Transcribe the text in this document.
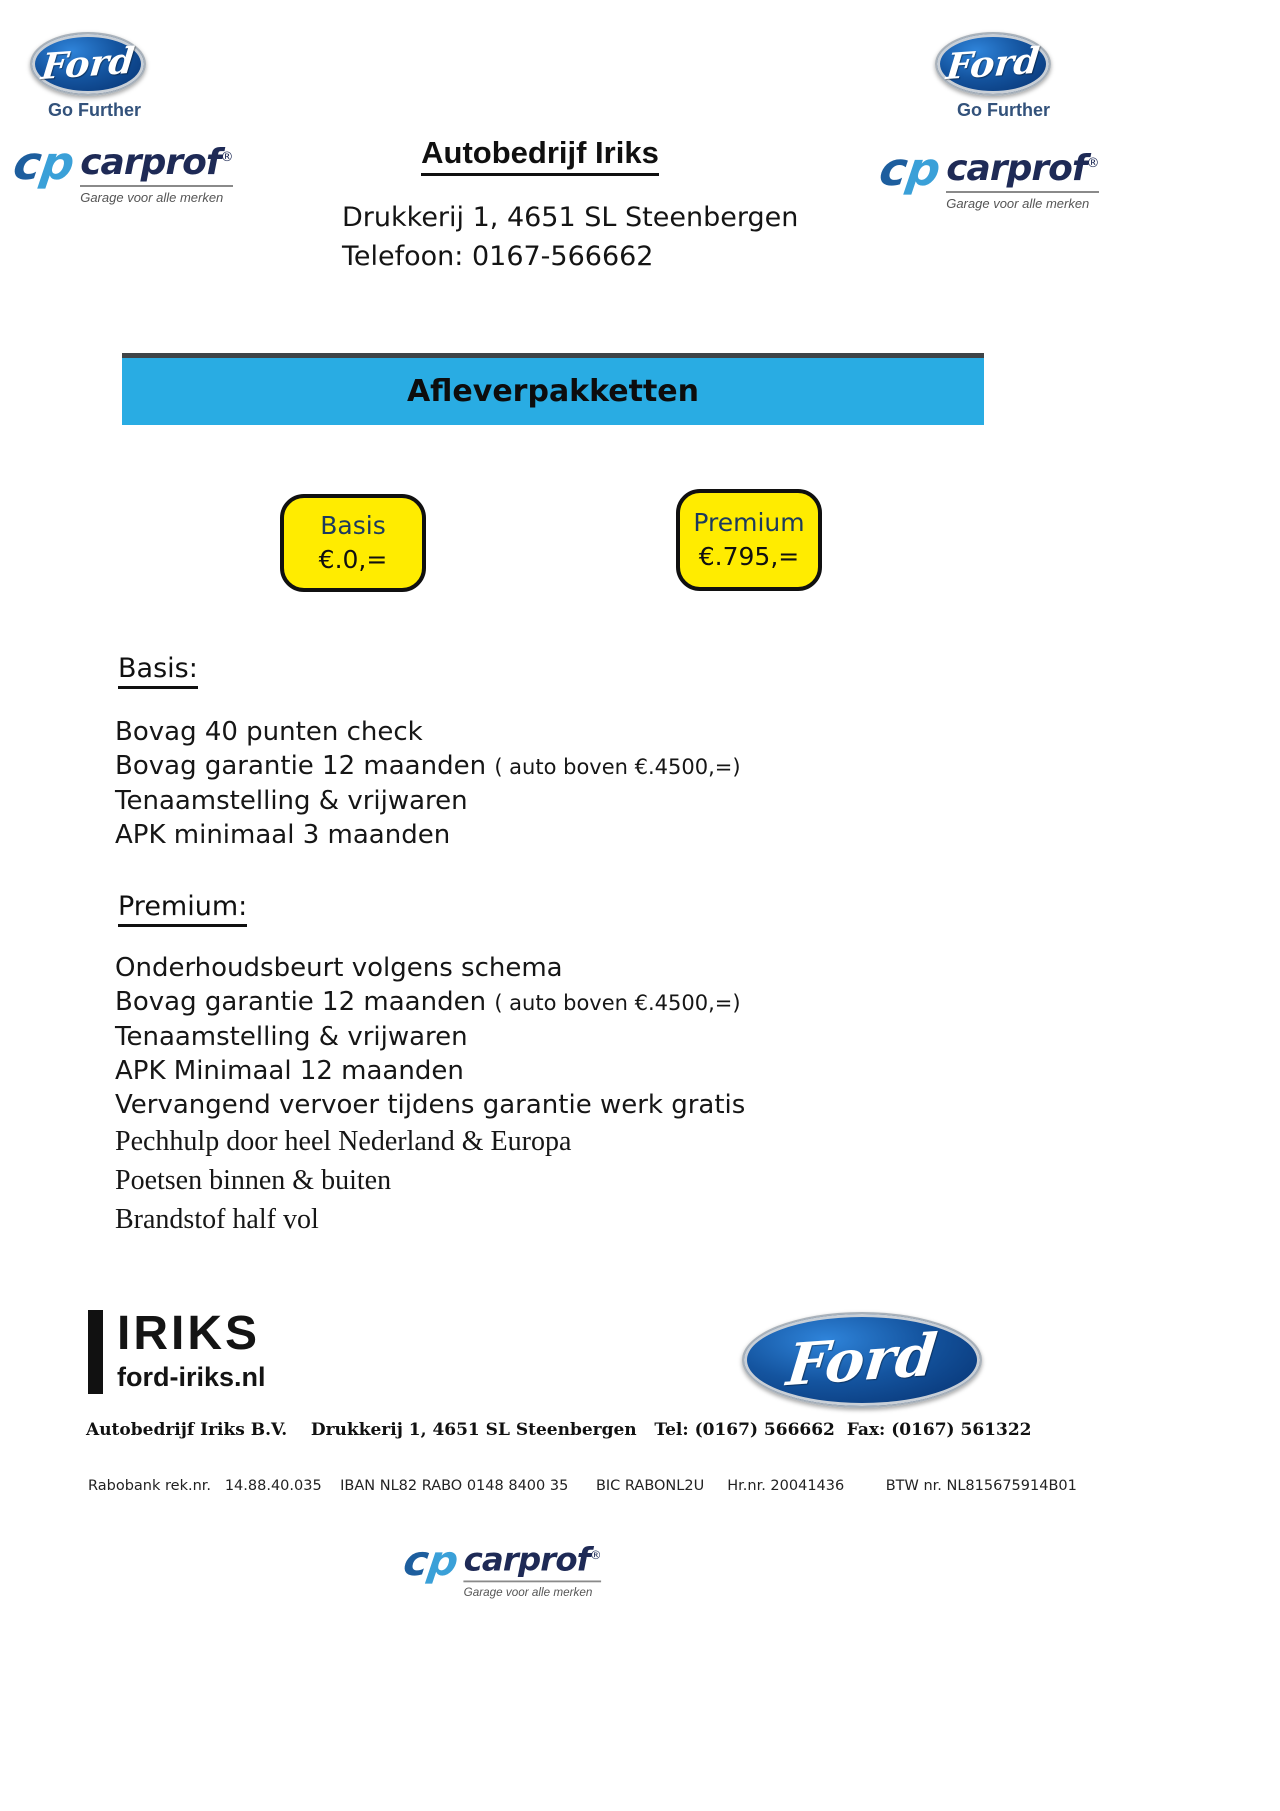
Ford
Go Further
cp carprof®
Garage voor alle merken
Autobedrijf Iriks
Drukkerij 1, 4651 SL Steenbergen
Telefoon: 0167-566662
Ford
Go Further
cp carprof®
Garage voor alle merken
Afleverpakketten
Basis
€.0,=
Premium
€.795,=
Basis:
Bovag 40 punten check
Bovag garantie 12 maanden ( auto boven €.4500,=)
Tenaamstelling & vrijwaren
APK minimaal 3 maanden
Premium:
Onderhoudsbeurt volgens schema
Bovag garantie 12 maanden ( auto boven €.4500,=)
Tenaamstelling & vrijwaren
APK Minimaal 12 maanden
Vervangend vervoer tijdens garantie werk gratis
Pechhulp door heel Nederland & Europa
Poetsen binnen & buiten
Brandstof half vol
IRIKS
ford-iriks.nl	Ford
Autobedrijf Iriks B.V.    Drukkerij 1, 4651 SL Steenbergen   Tel: (0167) 566662  Fax: (0167) 561322
Rabobank rek.nr.   14.88.40.035    IBAN NL82 RABO 0148 8400 35      BIC RABONL2U     Hr.nr. 20041436         BTW nr. NL815675914B01
cp carprof®
Garage voor alle merken
